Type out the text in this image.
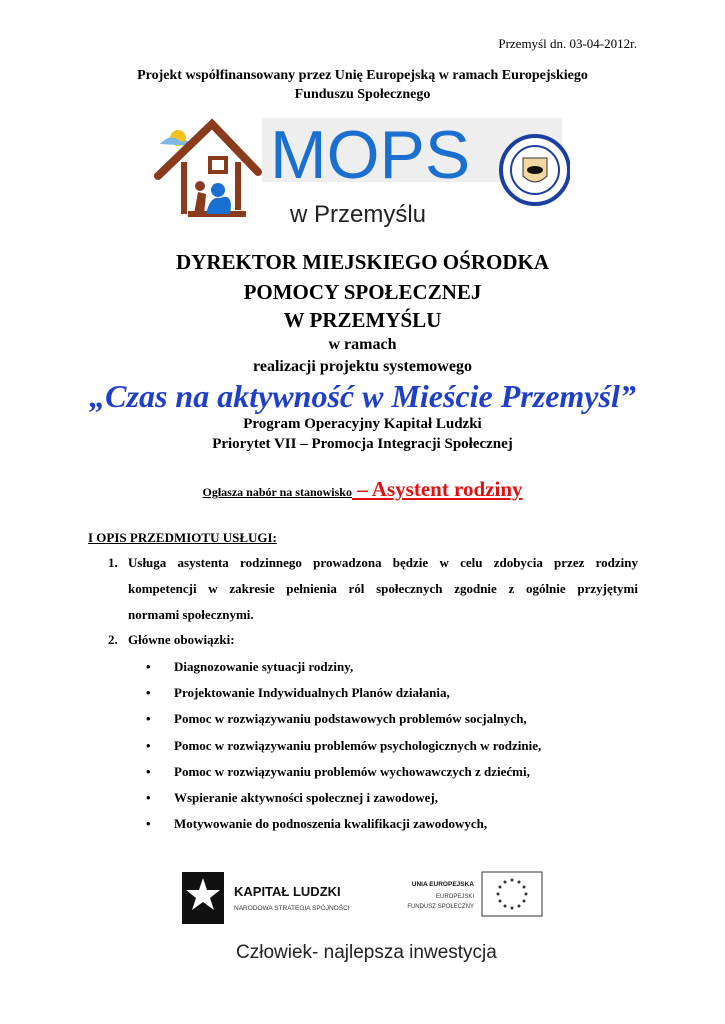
Przemyśl dn. 03-04-2012r.
Projekt współfinansowany przez Unię Europejską w ramach Europejskiego
Funduszu Społecznego
MOPS
w Przemyślu
DYREKTOR MIEJSKIEGO OŚRODKA
POMOCY SPOŁECZNEJ
W PRZEMYŚLU
w ramach
realizacji projektu systemowego
„Czas na aktywność w Mieście Przemyśl”
Program Operacyjny Kapitał Ludzki
Priorytet VII – Promocja Integracji Społecznej
Ogłasza nabór na stanowisko – Asystent rodziny
I OPIS PRZEDMIOTU USŁUGI:
1. Usługa asystenta rodzinnego prowadzona będzie w celu zdobycia przez rodziny
kompetencji w zakresie pełnienia ról społecznych zgodnie z ogólnie przyjętymi
normami społecznymi.
2. Główne obowiązki:
• Diagnozowanie sytuacji rodziny,
• Projektowanie Indywidualnych Planów działania,
• Pomoc w rozwiązywaniu podstawowych problemów socjalnych,
• Pomoc w rozwiązywaniu problemów psychologicznych w rodzinie,
• Pomoc w rozwiązywaniu problemów wychowawczych z dziećmi,
• Wspieranie aktywności społecznej i zawodowej,
• Motywowanie do podnoszenia kwalifikacji zawodowych,
KAPITAŁ LUDZKI
NARODOWA STRATEGIA SPÓJNOŚCI
UNIA EUROPEJSKA
EUROPEJSKI
FUNDUSZ SPOŁECZNY
Człowiek- najlepsza inwestycja
